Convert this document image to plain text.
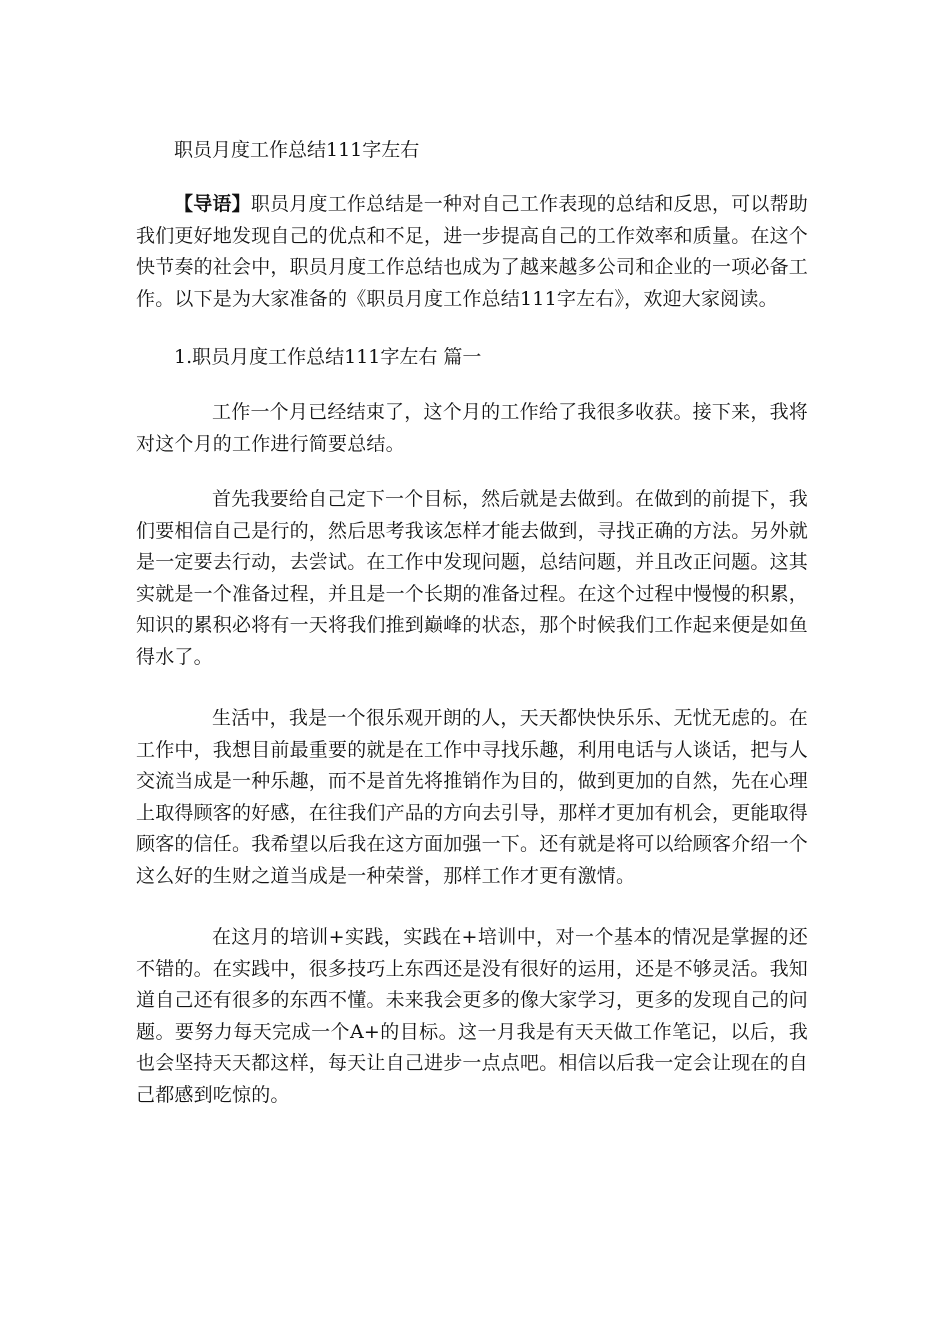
职员月度工作总结111字左右

【导语】职员月度工作总结是一种对自己工作表现的总结和反思，可以帮助我们更好地发现自己的优点和不足，进一步提高自己的工作效率和质量。在这个快节奏的社会中，职员月度工作总结也成为了越来越多公司和企业的一项必备工作。以下是为大家准备的《职员月度工作总结111字左右》，欢迎大家阅读。

1.职员月度工作总结111字左右 篇一

工作一个月已经结束了，这个月的工作给了我很多收获。接下来，我将对这个月的工作进行简要总结。

首先我要给自己定下一个目标，然后就是去做到。在做到的前提下，我们要相信自己是行的，然后思考我该怎样才能去做到，寻找正确的方法。另外就是一定要去行动，去尝试。在工作中发现问题，总结问题，并且改正问题。这其实就是一个准备过程，并且是一个长期的准备过程。在这个过程中慢慢的积累，知识的累积必将有一天将我们推到巅峰的状态，那个时候我们工作起来便是如鱼得水了。

生活中，我是一个很乐观开朗的人，天天都快快乐乐、无忧无虑的。在工作中，我想目前最重要的就是在工作中寻找乐趣，利用电话与人谈话，把与人交流当成是一种乐趣，而不是首先将推销作为目的，做到更加的自然，先在心理上取得顾客的好感，在往我们产品的方向去引导，那样才更加有机会，更能取得顾客的信任。我希望以后我在这方面加强一下。还有就是将可以给顾客介绍一个这么好的生财之道当成是一种荣誉，那样工作才更有激情。

在这月的培训+实践，实践在+培训中，对一个基本的情况是掌握的还不错的。在实践中，很多技巧上东西还是没有很好的运用，还是不够灵活。我知道自己还有很多的东西不懂。未来我会更多的像大家学习，更多的发现自己的问题。要努力每天完成一个A+的目标。这一月我是有天天做工作笔记，以后，我也会坚持天天都这样，每天让自己进步一点点吧。相信以后我一定会让现在的自己都感到吃惊的。
